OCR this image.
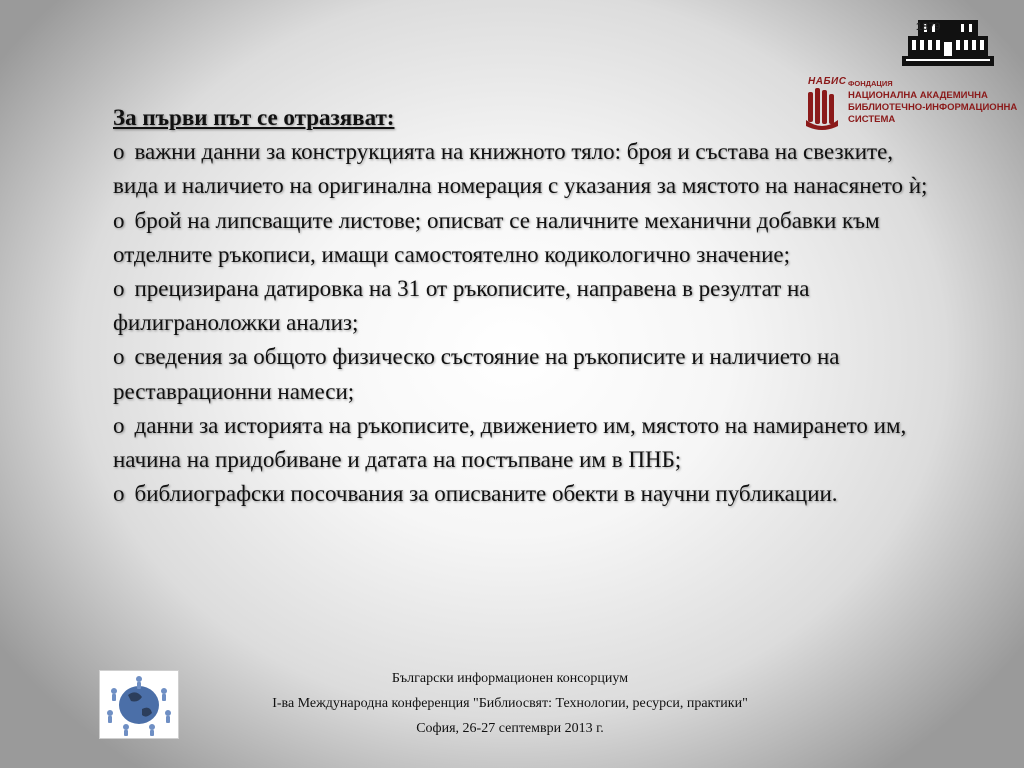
1879
НАБИС ФОНДАЦИЯ
НАЦИОНАЛНА АКАДЕМИЧНА
БИБЛИОТЕЧНО-ИНФОРМАЦИОННА
СИСТЕМА

За първи път се отразяват:

o важни данни за конструкцията на книжното тяло: броя и състава на свезките, вида и наличието на оригинална номерация с указания за мястото на нанасянето ѝ;

o брой на липсващите листове; описват се наличните механични добавки към отделните ръкописи, имащи самостоятелно кодикологично значение;

o прецизирана датировка на 31 от ръкописите, направена в резултат на филиграноложки анализ;

o сведения за общото физическо състояние на ръкописите и наличието на реставрационни намеси;

o данни за историята на ръкописите, движението им, мястото на намирането им, начина на придобиване и датата на постъпване им в ПНБ;

o библиографски посочвания за описваните обекти в научни публикации.

Български информационен консорциум
I-ва Международна конференция "Библиосвят: Технологии, ресурси, практики"
София, 26-27 септември 2013 г.
